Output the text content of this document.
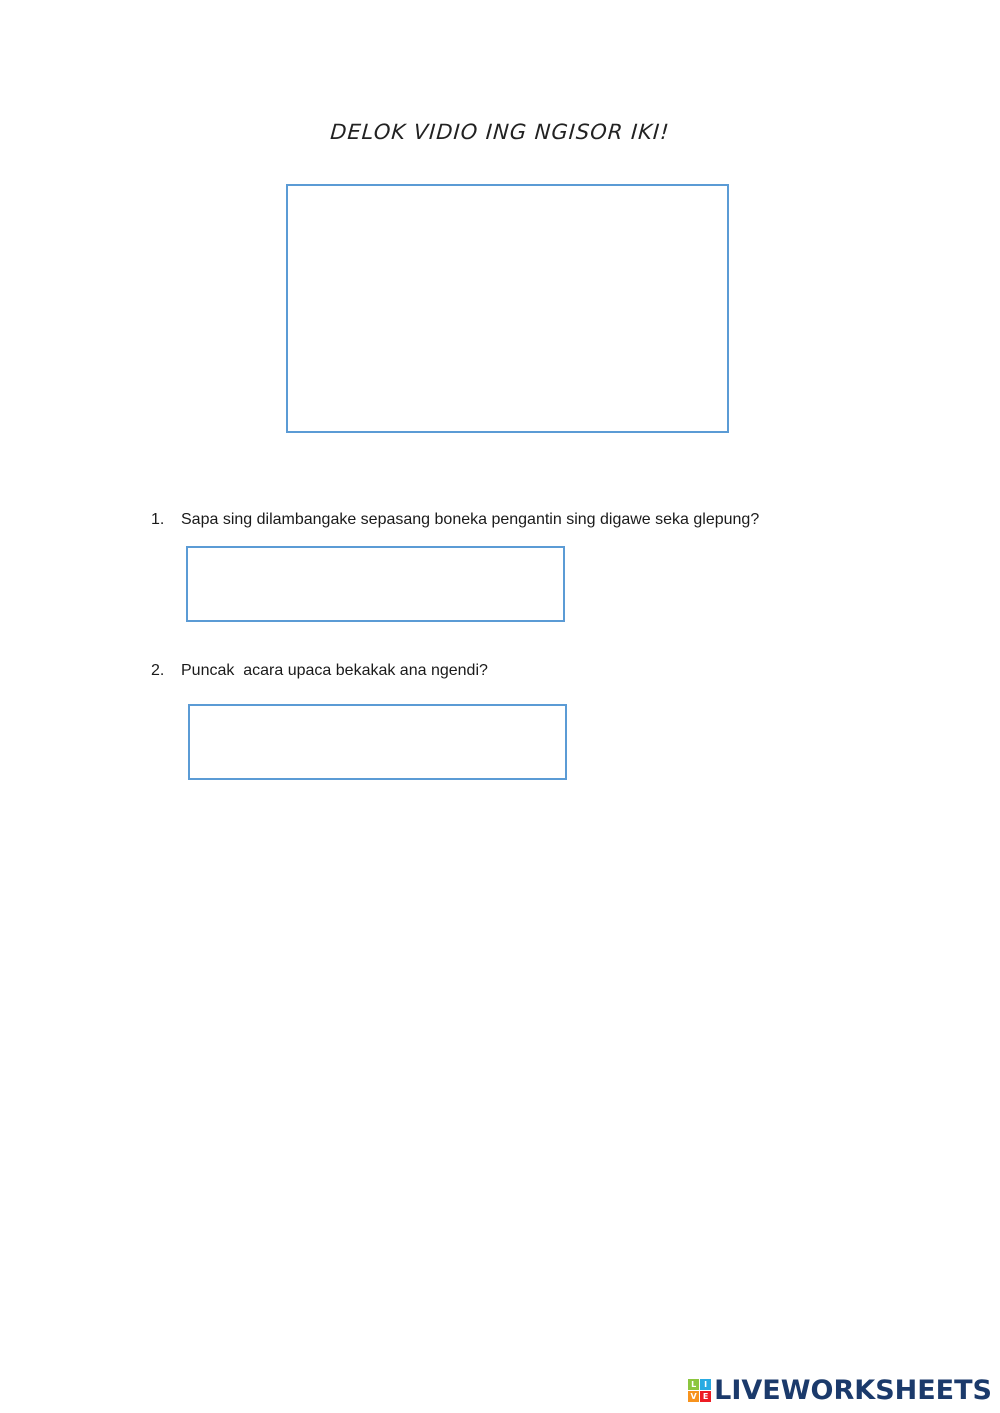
DELOK VIDIO ING NGISOR IKI!
1. Sapa sing dilambangake sepasang boneka pengantin sing digawe seka glepung?
2. Puncak  acara upaca bekakak ana ngendi?
L I
V E LIVEWORKSHEETS
